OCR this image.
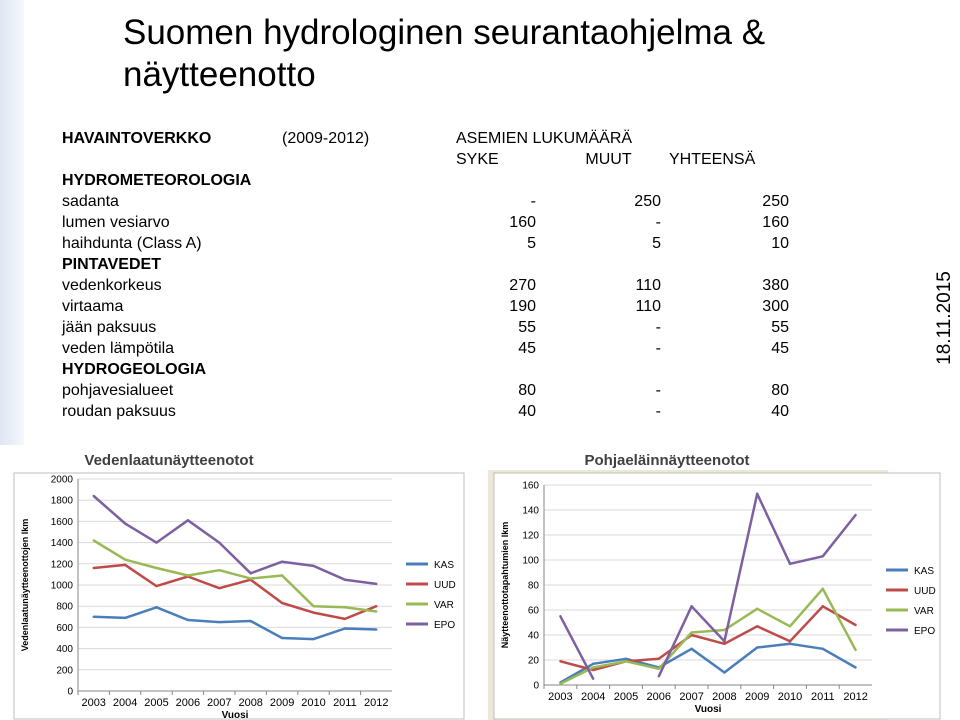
Suomen hydrologinen seurantaohjelma & näytteenotto
18.11.2015
HAVAINTOVERKKO	(2009-2012)	ASEMIEN LUKUMÄÄRÄ		
		SYKE	MUUT	YHTEENSÄ
HYDROMETEOROLOGIA				
sadanta		-	250	250
lumen vesiarvo		160	-	160
haihdunta (Class A)		5	5	10
PINTAVEDET				
vedenkorkeus		270	110	380
virtaama		190	110	300
jään paksuus		55	-	55
veden lämpötila		45	-	45
HYDROGEOLOGIA				
pohjavesialueet		80	-	80
roudan paksuus		40	-	40
Vedenlaatunäytteenotot
0
200
400
600
800
1000
1200
1400
1600
1800
2000
2003 2004 2005 2006 2007 2008 2009 2010 2011 2012
Vuosi
Vedenlaatunäytteenottojen lkm	KAS
UUD
VAR
EPO
Pohjaeläinnäytteenotot
0
20
40
60
80
100
120
140
160
2003 2004 2005 2006 2007 2008 2009 2010 2011 2012
Vuosi
Näytteenottotapahtumien lkm	KAS
UUD
VAR
EPO
